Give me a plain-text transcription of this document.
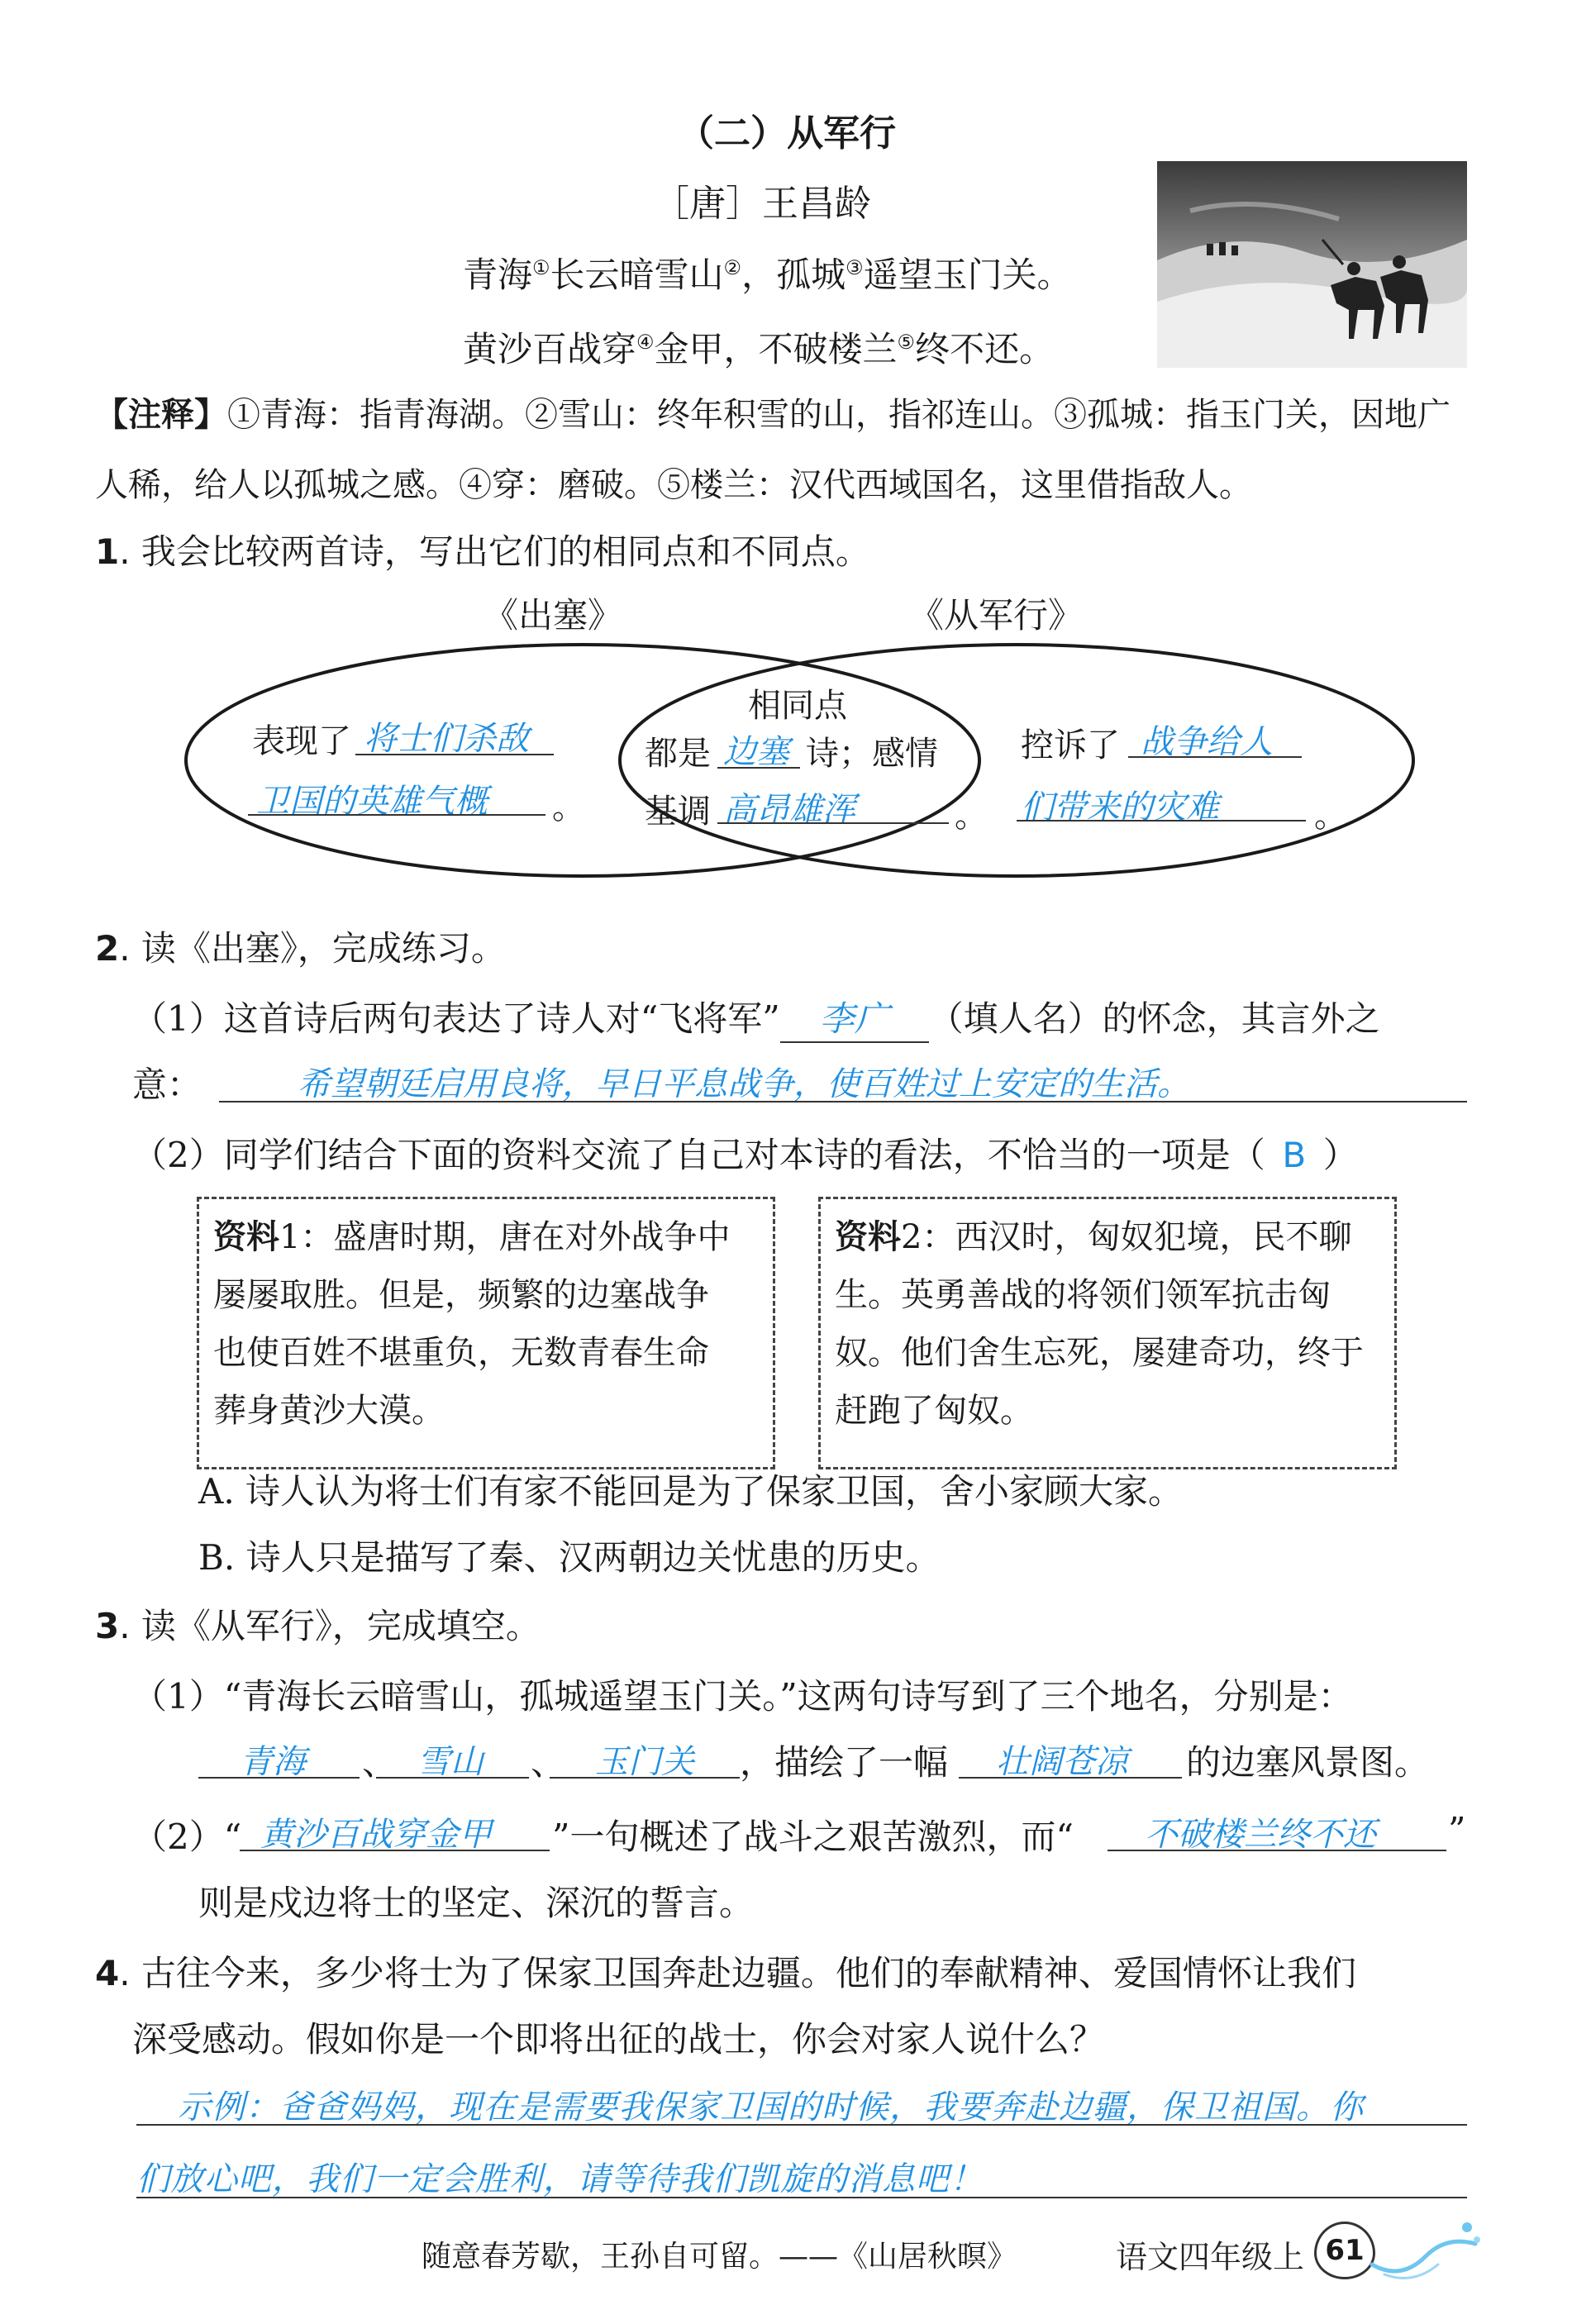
（二）从军行
［唐］王昌龄
青海①长云暗雪山②，孤城③遥望玉门关。
黄沙百战穿④金甲，不破楼兰⑤终不还。
【注释】①青海：指青海湖。②雪山：终年积雪的山，指祁连山。③孤城：指玉门关，因地广
人稀，给人以孤城之感。④穿：磨破。⑤楼兰：汉代西域国名，这里借指敌人。
1. 我会比较两首诗，写出它们的相同点和不同点。
《出塞》	《从军行》
相同点
表现了 将士们杀敌
卫国的英雄气概 。
都是 边塞 诗；感情
基调 高昂雄浑	。
控诉了 战争给人
们带来的灾难	。
2. 读《出塞》，完成练习。
（1）这首诗后两句表达了诗人对“飞将军” 李广 （填人名）的怀念，其言外之
意：	希望朝廷启用良将，早日平息战争，使百姓过上安定的生活。
（2）同学们结合下面的资料交流了自己对本诗的看法，不恰当的一项是（ B ）
资料1：盛唐时期，唐在对外战争中
屡屡取胜。但是，频繁的边塞战争
也使百姓不堪重负，无数青春生命
葬身黄沙大漠。
资料2：西汉时，匈奴犯境，民不聊
生。英勇善战的将领们领军抗击匈
奴。他们舍生忘死，屡建奇功，终于
赶跑了匈奴。
A. 诗人认为将士们有家不能回是为了保家卫国，舍小家顾大家。
B. 诗人只是描写了秦、汉两朝边关忧患的历史。
3. 读《从军行》，完成填空。
（1）“青海长云暗雪山，孤城遥望玉门关。”这两句诗写到了三个地名，分别是：
青海 、 雪山 、 玉门关 ，描绘了一幅 壮阔苍凉 的边塞风景图。
（2）“ 黄沙百战穿金甲 ”一句概述了战斗之艰苦激烈，而“ 不破楼兰终不还 ”
则是戍边将士的坚定、深沉的誓言。
4. 古往今来，多少将士为了保家卫国奔赴边疆。他们的奉献精神、爱国情怀让我们
深受感动。假如你是一个即将出征的战士，你会对家人说什么？
示例：爸爸妈妈，现在是需要我保家卫国的时候，我要奔赴边疆，保卫祖国。你
们放心吧，我们一定会胜利，请等待我们凯旋的消息吧！
随意春芳歇，王孙自可留。——《山居秋暝》	语文四年级上 61
